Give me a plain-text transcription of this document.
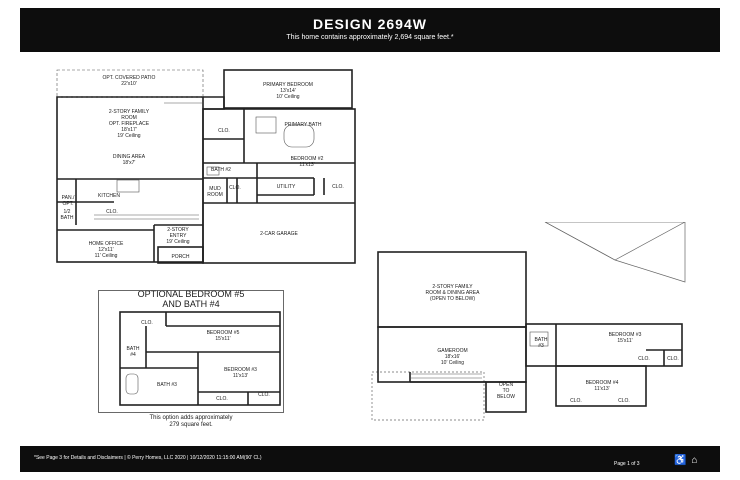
DESIGN 2694W
This home contains approximately 2,694 square feet.*
OPT. COVERED PATIO
22'x10'	PRIMARY BEDROOM
13'x14'
10' Ceiling
CLO.
PRIMARY BATH
2-STORY FAMILY
ROOM
OPT. FIREPLACE
18'x17'
19' Ceiling
DINING AREA
18'x7'
BATH #2
BEDROOM #2
11'x13'
MUD
ROOM
CLO.	UTILITY	CLO.
KITCHEN
PAN./
OPT.
1/2
BATH
CLO.
2-CAR GARAGE
2-STORY
ENTRY
19' Ceiling
HOME OFFICE
12'x11'
11' Ceiling	PORCH
OPTIONAL BEDROOM #5
AND BATH #4
CLO.
BEDROOM #5
15'x11'
BATH
#4
BEDROOM #3
11'x13'
BATH #3
CLO.
CLO.
This option adds approximately
279 square feet.
2-STORY FAMILY
ROOM & DINING AREA
(OPEN TO BELOW)
GAMEROOM
18'x16'
10' Ceiling
BATH
#3
BEDROOM #3
15'x11'
CLO.	CLO.
BEDROOM #4
11'x13'
OPEN
TO
BELOW
CLO.	CLO.
*See Page 3 for Details and Disclaimers | © Perry Homes, LLC 2020 | 10/12/2020 11:15:00 AM(90' CL)
Page 1 of 3	♿ ⌂
